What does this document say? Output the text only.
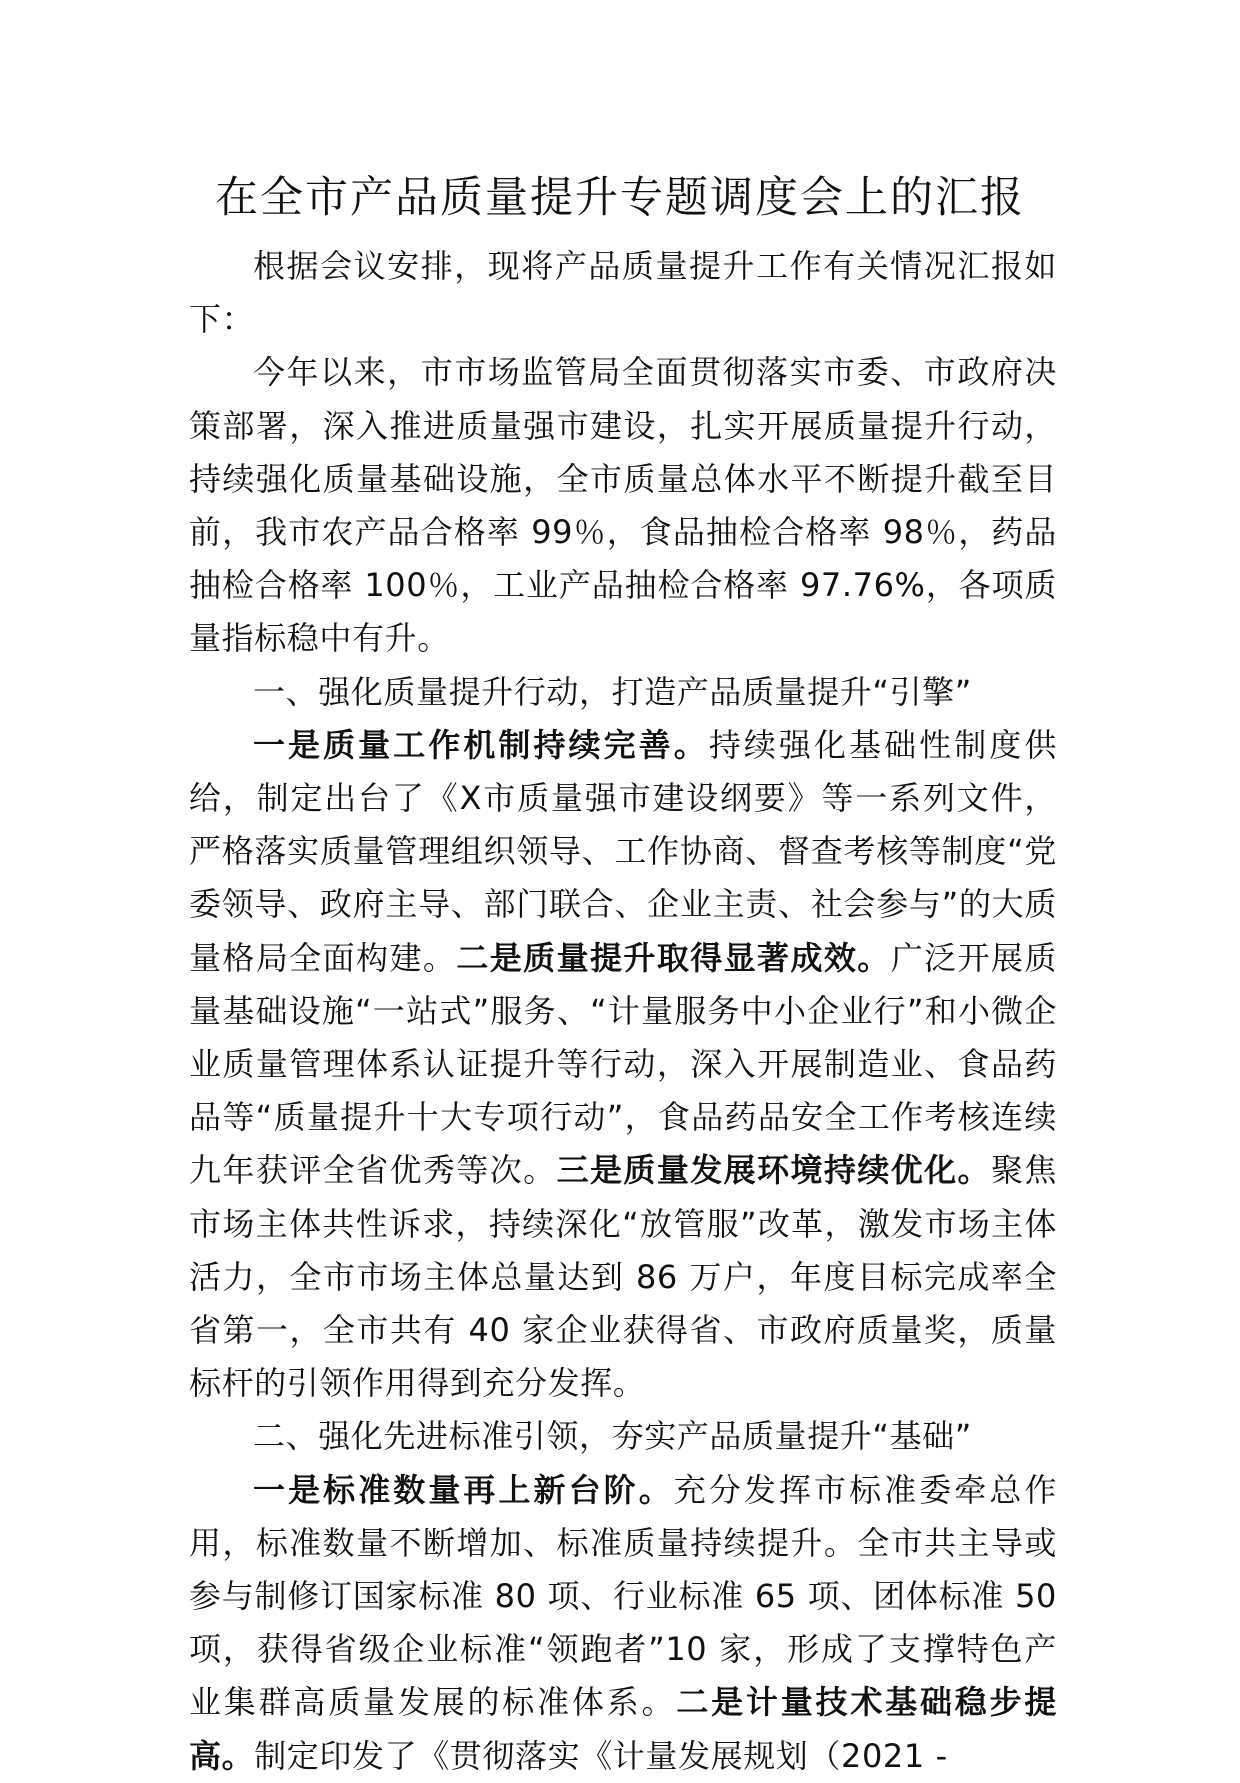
在全市产品质量提升专题调度会上的汇报

根据会议安排，现将产品质量提升工作有关情况汇报如下：

今年以来，市市场监管局全面贯彻落实市委、市政府决策部署，深入推进质量强市建设，扎实开展质量提升行动，持续强化质量基础设施，全市质量总体水平不断提升截至目前，我市农产品合格率 99％，食品抽检合格率 98％，药品抽检合格率 100％，工业产品抽检合格率 97.76%，各项质量指标稳中有升。

一、强化质量提升行动，打造产品质量提升“引擎”

一是质量工作机制持续完善。持续强化基础性制度供给，制定出台了《X市质量强市建设纲要》等一系列文件，严格落实质量管理组织领导、工作协商、督查考核等制度“党委领导、政府主导、部门联合、企业主责、社会参与”的大质量格局全面构建。二是质量提升取得显著成效。广泛开展质量基础设施“一站式”服务、“计量服务中小企业行”和小微企业质量管理体系认证提升等行动，深入开展制造业、食品药品等“质量提升十大专项行动”，食品药品安全工作考核连续九年获评全省优秀等次。三是质量发展环境持续优化。聚焦市场主体共性诉求，持续深化“放管服”改革，激发市场主体活力，全市市场主体总量达到 86 万户，年度目标完成率全省第一，全市共有 40 家企业获得省、市政府质量奖，质量标杆的引领作用得到充分发挥。

二、强化先进标准引领，夯实产品质量提升“基础”

一是标准数量再上新台阶。充分发挥市标准委牵总作用，标准数量不断增加、标准质量持续提升。全市共主导或参与制修订国家标准 80 项、行业标准 65 项、团体标准 50 项，获得省级企业标准“领跑者”10 家，形成了支撑特色产业集群高质量发展的标准体系。二是计量技术基础稳步提高。制定印发了《贯彻落实《计量发展规划（2021 -
